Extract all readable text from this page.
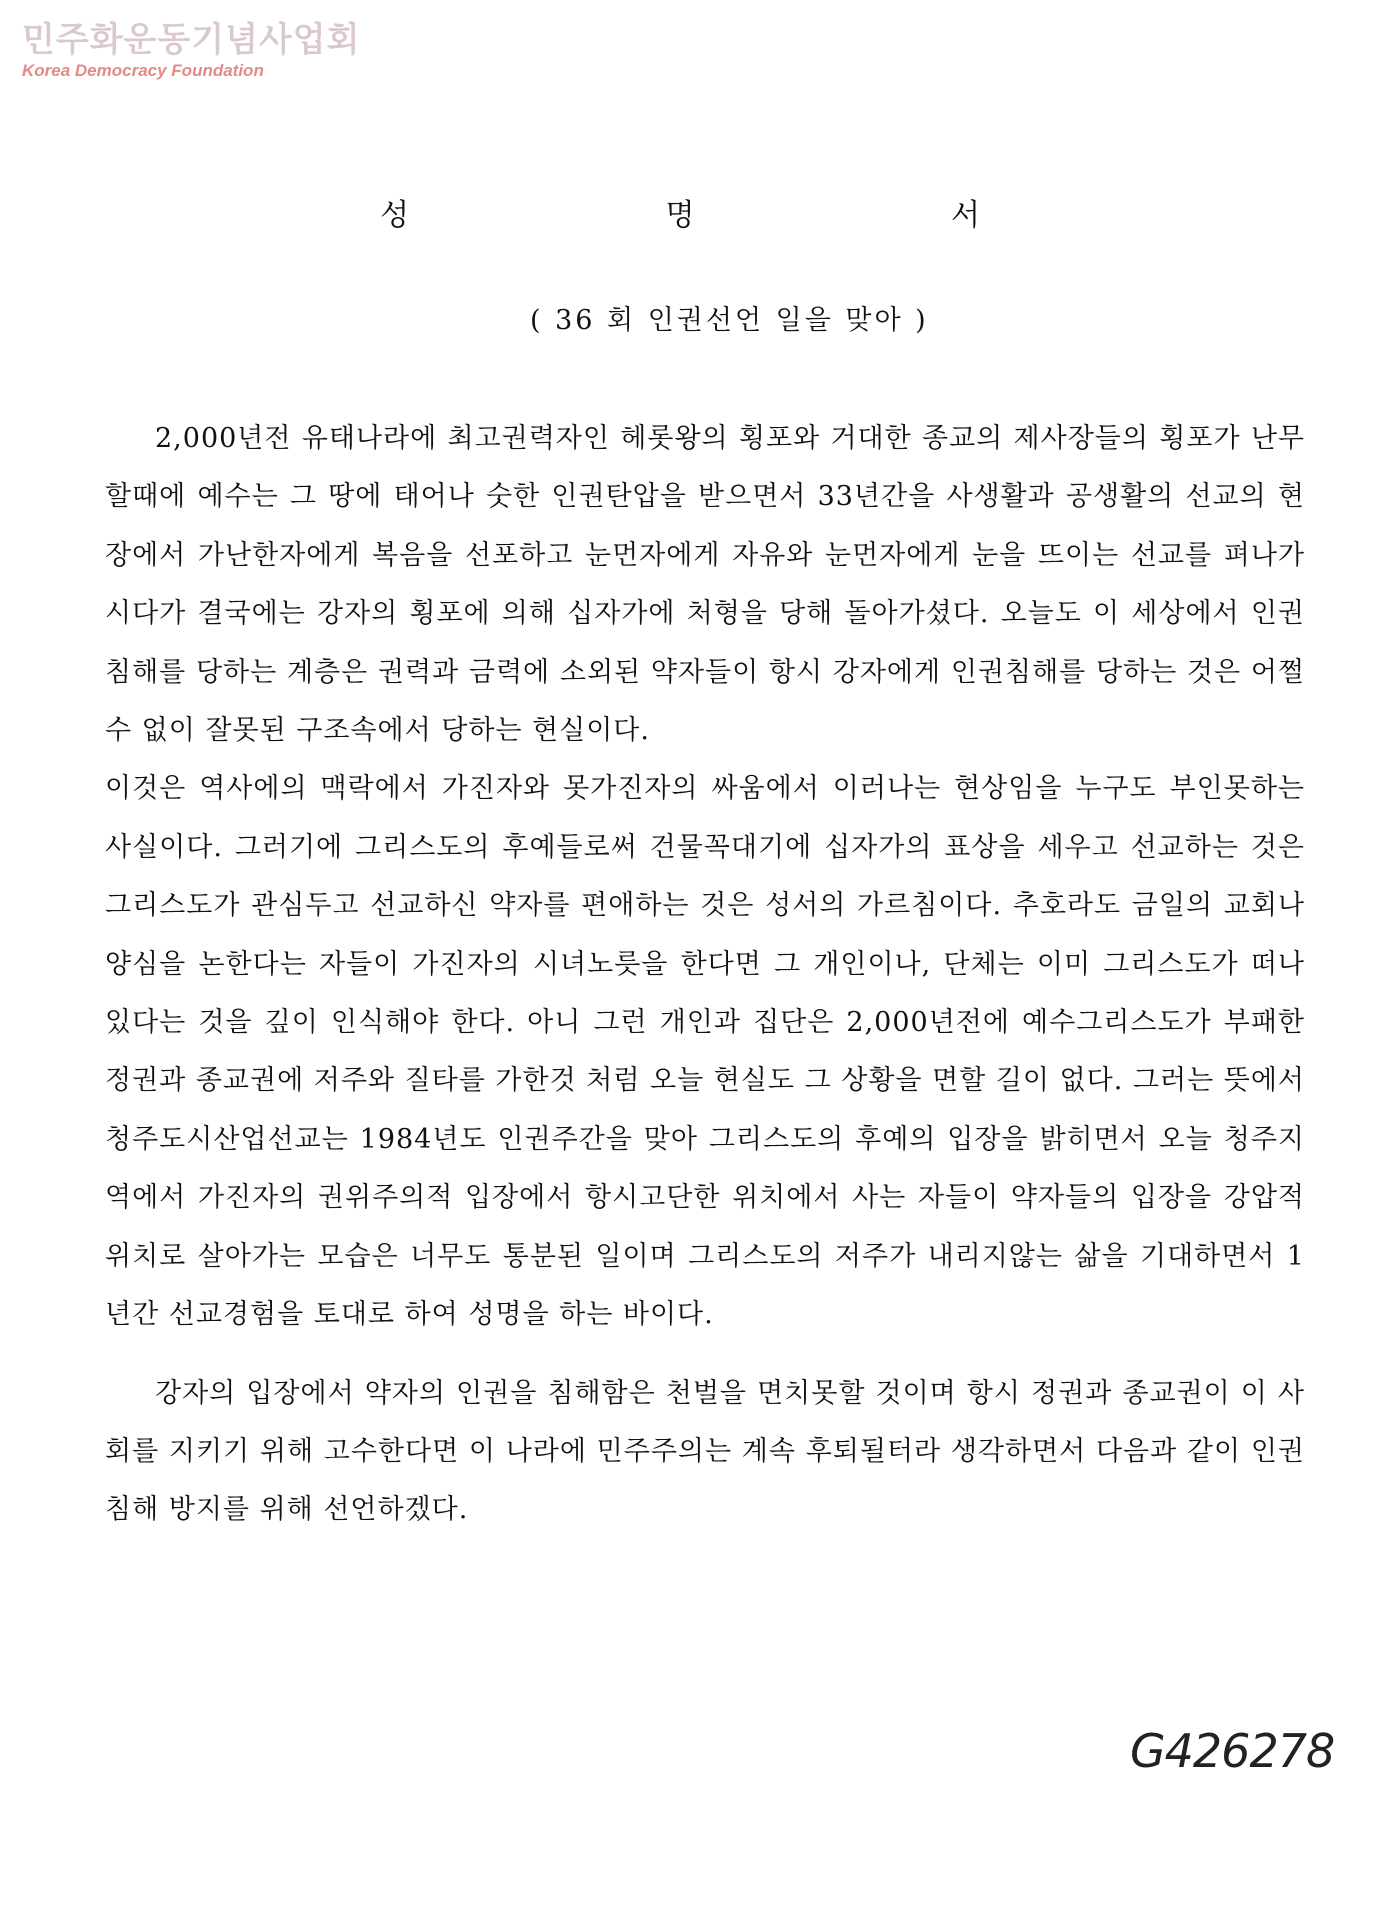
민주화운동기념사업회
Korea Democracy Foundation
성	명	서
( 36 회 인권선언 일을 맞아 )

2,000년전 유태나라에 최고권력자인 헤롯왕의 횡포와 거대한 종교의 제사장들의 횡포가 난무할때에 예수는 그 땅에 태어나 숫한 인권탄압을 받으면서 33년간을 사생활과 공생활의 선교의 현장에서 가난한자에게 복음을 선포하고 눈먼자에게 자유와 눈먼자에게 눈을 뜨이는 선교를 펴나가시다가 결국에는 강자의 횡포에 의해 십자가에 처형을 당해 돌아가셨다. 오늘도 이 세상에서 인권침해를 당하는 계층은 권력과 금력에 소외된 약자들이 항시 강자에게 인권침해를 당하는 것은 어쩔수 없이 잘못된 구조속에서 당하는 현실이다.

이것은 역사에의 맥락에서 가진자와 못가진자의 싸움에서 이러나는 현상임을 누구도 부인못하는 사실이다. 그러기에 그리스도의 후예들로써 건물꼭대기에 십자가의 표상을 세우고 선교하는 것은 그리스도가 관심두고 선교하신 약자를 편애하는 것은 성서의 가르침이다. 추호라도 금일의 교회나 양심을 논한다는 자들이 가진자의 시녀노릇을 한다면 그 개인이나, 단체는 이미 그리스도가 떠나 있다는 것을 깊이 인식해야 한다. 아니 그런 개인과 집단은 2,000년전에 예수그리스도가 부패한 정권과 종교권에 저주와 질타를 가한것 처럼 오늘 현실도 그 상황을 면할 길이 없다. 그러는 뜻에서 청주도시산업선교는 1984년도 인권주간을 맞아 그리스도의 후예의 입장을 밝히면서 오늘 청주지역에서 가진자의 권위주의적 입장에서 항시고단한 위치에서 사는 자들이 약자들의 입장을 강압적 위치로 살아가는 모습은 너무도 통분된 일이며 그리스도의 저주가 내리지않는 삶을 기대하면서 1년간 선교경험을 토대로 하여 성명을 하는 바이다.

강자의 입장에서 약자의 인권을 침해함은 천벌을 면치못할 것이며 항시 정권과 종교권이 이 사회를 지키기 위해 고수한다면 이 나라에 민주주의는 계속 후퇴될터라 생각하면서 다음과 같이 인권침해 방지를 위해 선언하겠다.

G426278
